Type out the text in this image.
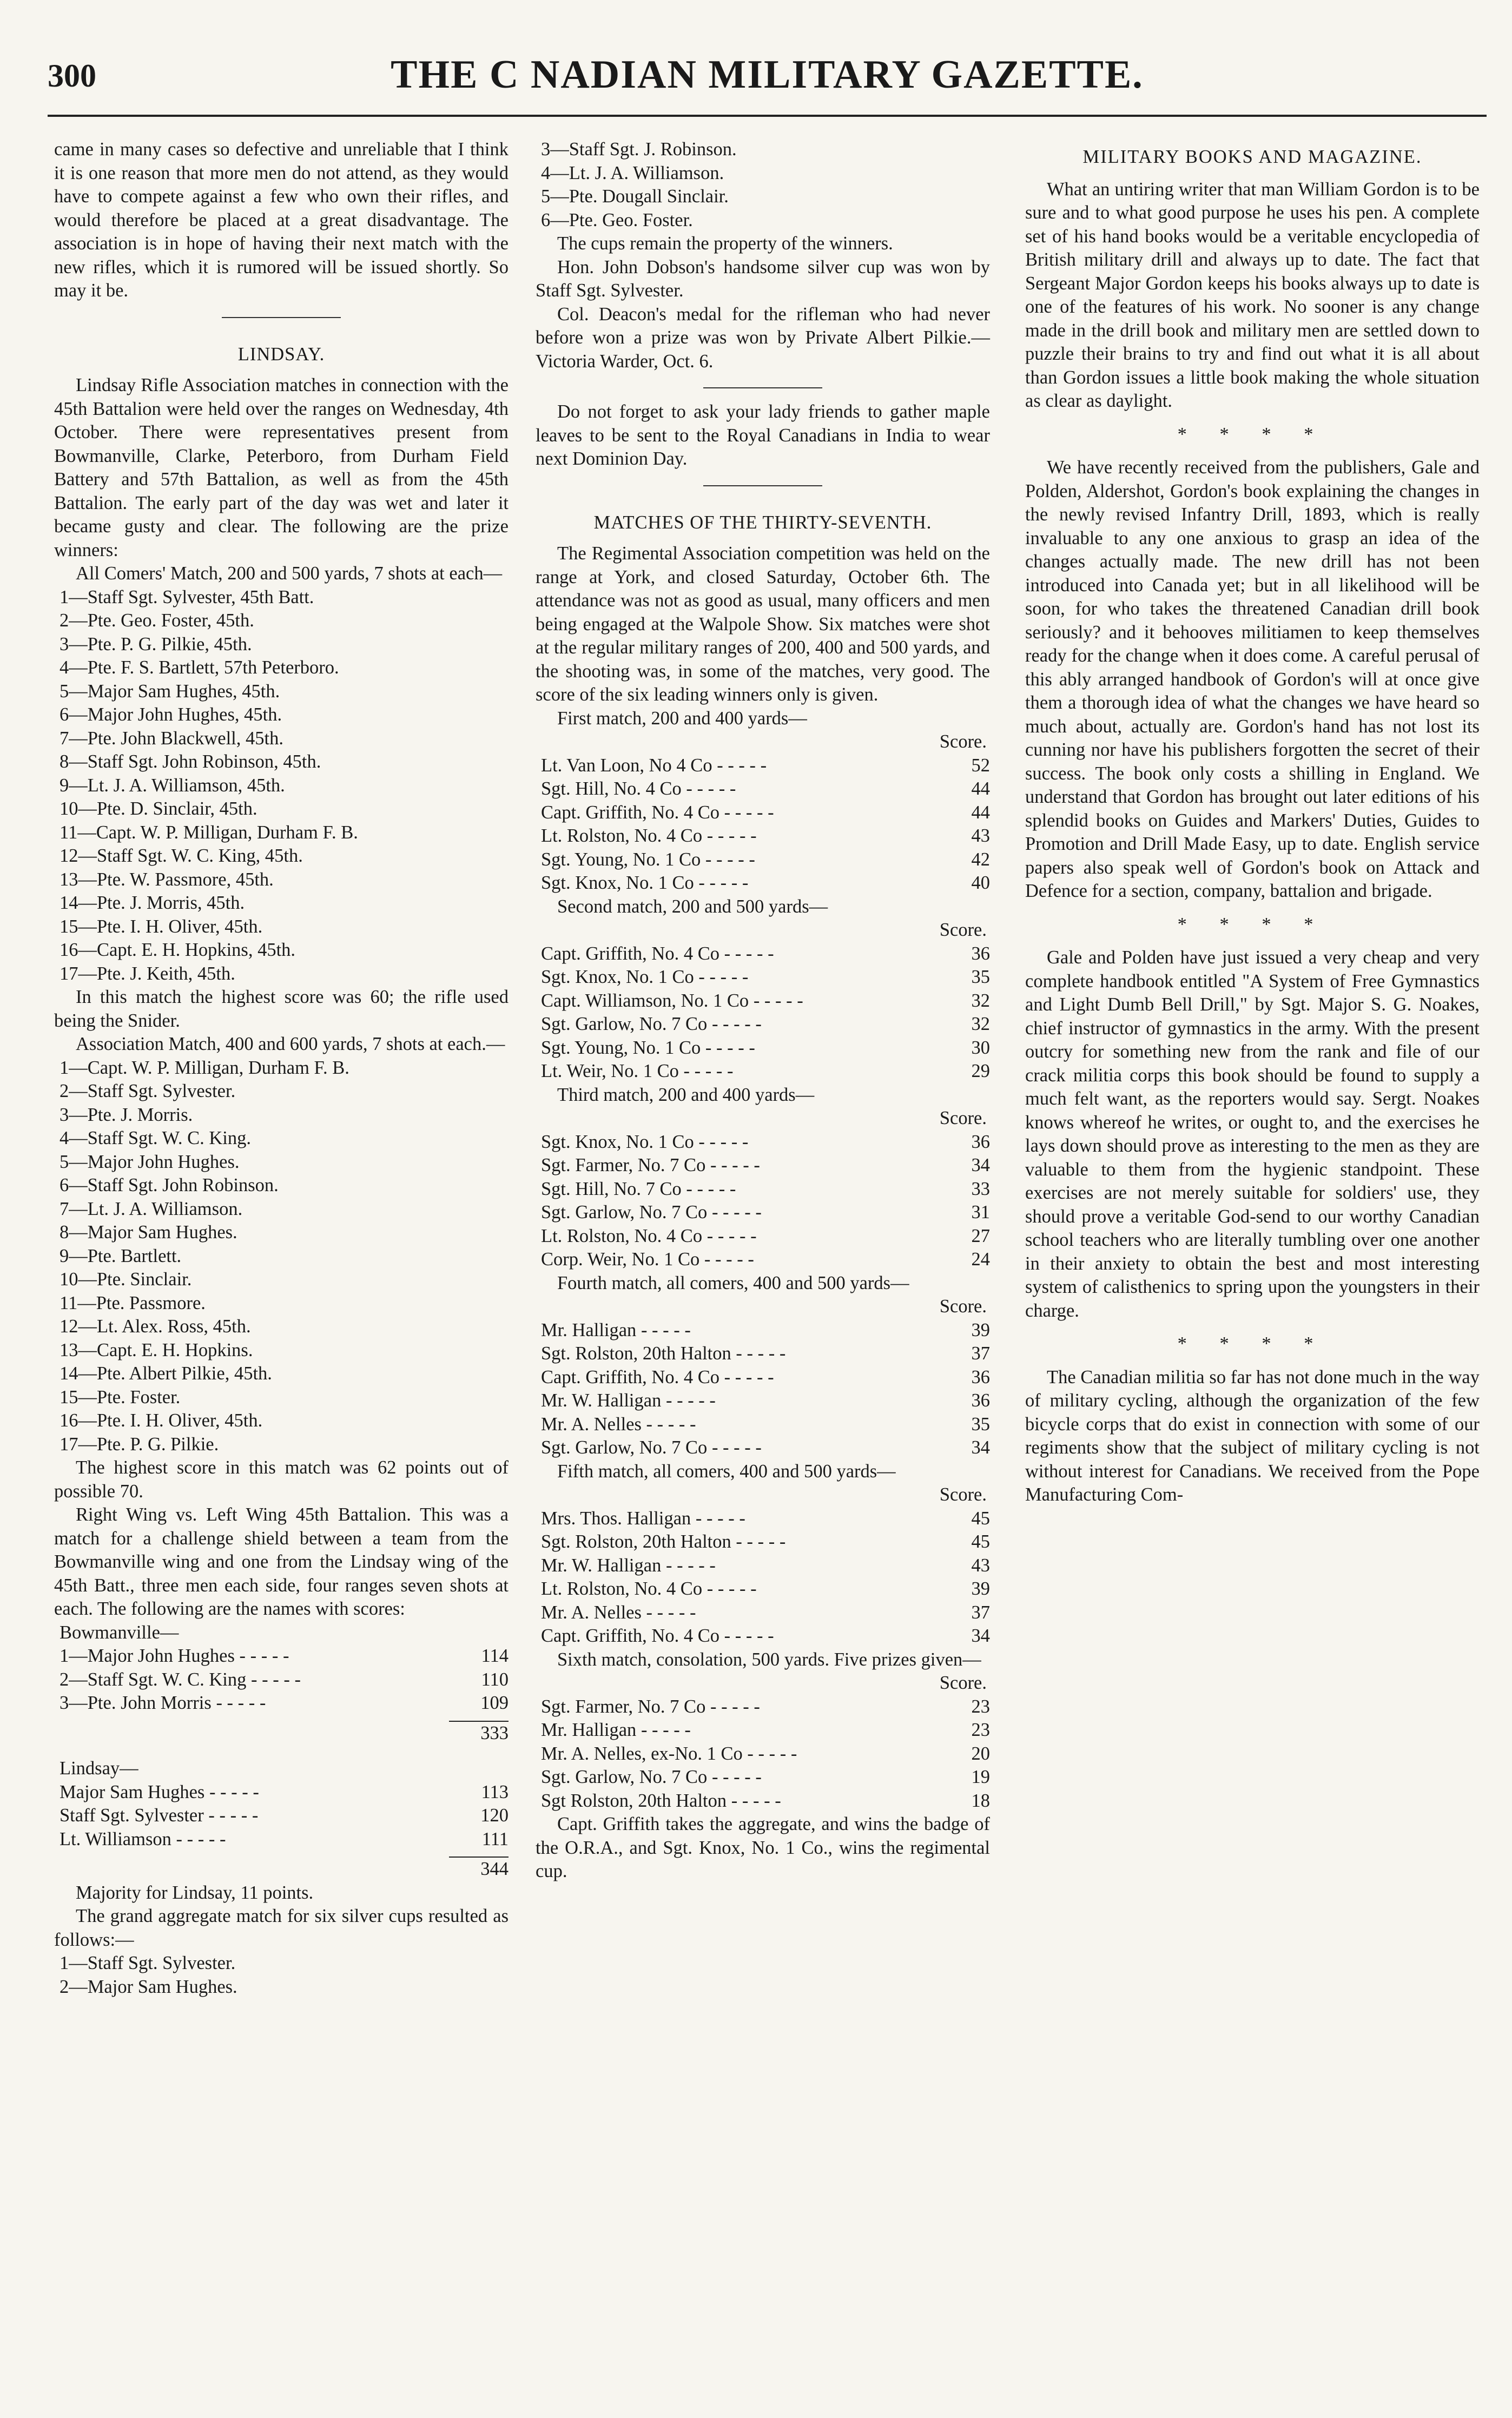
300	THE C NADIAN MILITARY GAZETTE.

came in many cases so defective and unreliable that I think it is one reason that more men do not attend, as they would have to compete against a few who own their rifles, and would therefore be placed at a great disadvantage. The association is in hope of having their next match with the new rifles, which it is rumored will be issued shortly. So may it be.

LINDSAY.

Lindsay Rifle Association matches in connection with the 45th Battalion were held over the ranges on Wednesday, 4th October. There were representatives present from Bowmanville, Clarke, Peterboro, from Durham Field Battery and 57th Battalion, as well as from the 45th Battalion. The early part of the day was wet and later it became gusty and clear. The following are the prize winners:

All Comers' Match, 200 and 500 yards, 7 shots at each—

1—Staff Sgt. Sylvester, 45th Batt.
2—Pte. Geo. Foster, 45th.
3—Pte. P. G. Pilkie, 45th.
4—Pte. F. S. Bartlett, 57th Peterboro.
5—Major Sam Hughes, 45th.
6—Major John Hughes, 45th.
7—Pte. John Blackwell, 45th.
8—Staff Sgt. John Robinson, 45th.
9—Lt. J. A. Williamson, 45th.
10—Pte. D. Sinclair, 45th.
11—Capt. W. P. Milligan, Durham F. B.
12—Staff Sgt. W. C. King, 45th.
13—Pte. W. Passmore, 45th.
14—Pte. J. Morris, 45th.
15—Pte. I. H. Oliver, 45th.
16—Capt. E. H. Hopkins, 45th.
17—Pte. J. Keith, 45th.

In this match the highest score was 60; the rifle used being the Snider.

Association Match, 400 and 600 yards, 7 shots at each.—

1—Capt. W. P. Milligan, Durham F. B.
2—Staff Sgt. Sylvester.
3—Pte. J. Morris.
4—Staff Sgt. W. C. King.
5—Major John Hughes.
6—Staff Sgt. John Robinson.
7—Lt. J. A. Williamson.
8—Major Sam Hughes.
9—Pte. Bartlett.
10—Pte. Sinclair.
11—Pte. Passmore.
12—Lt. Alex. Ross, 45th.
13—Capt. E. H. Hopkins.
14—Pte. Albert Pilkie, 45th.
15—Pte. Foster.
16—Pte. I. H. Oliver, 45th.
17—Pte. P. G. Pilkie.

The highest score in this match was 62 points out of possible 70.

Right Wing vs. Left Wing 45th Battalion. This was a match for a challenge shield between a team from the Bowmanville wing and one from the Lindsay wing of the 45th Batt., three men each side, four ranges seven shots at each. The following are the names with scores:

Bowmanville—
1—Major John Hughes - - -	114
2—Staff Sgt. W. C. King - - -	110
3—Pte. John Morris - - -	109
333
Lindsay—
Major Sam Hughes - - -	113
Staff Sgt. Sylvester - - -	120
Lt. Williamson - - -	111
344

Majority for Lindsay, 11 points.

The grand aggregate match for six silver cups resulted as follows:—

1—Staff Sgt. Sylvester.
2—Major Sam Hughes.
3—Staff Sgt. J. Robinson.
4—Lt. J. A. Williamson.
5—Pte. Dougall Sinclair.
6—Pte. Geo. Foster.

The cups remain the property of the winners.

Hon. John Dobson's handsome silver cup was won by Staff Sgt. Sylvester.

Col. Deacon's medal for the rifleman who had never before won a prize was won by Private Albert Pilkie.—Victoria Warder, Oct. 6.

Do not forget to ask your lady friends to gather maple leaves to be sent to the Royal Canadians in India to wear next Dominion Day.

MATCHES OF THE THIRTY-SEVENTH.

The Regimental Association competition was held on the range at York, and closed Saturday, October 6th. The attendance was not as good as usual, many officers and men being engaged at the Walpole Show. Six matches were shot at the regular military ranges of 200, 400 and 500 yards, and the shooting was, in some of the matches, very good. The score of the six leading winners only is given.

First match, 200 and 400 yards—

Score.
Lt. Van Loon, No 4 Co - - -	52
Sgt. Hill, No. 4 Co - - -	44
Capt. Griffith, No. 4 Co - - -	44
Lt. Rolston, No. 4 Co - - -	43
Sgt. Young, No. 1 Co - - -	42
Sgt. Knox, No. 1 Co - - -	40

Second match, 200 and 500 yards—

Score.
Capt. Griffith, No. 4 Co - - -	36
Sgt. Knox, No. 1 Co - - -	35
Capt. Williamson, No. 1 Co - - -	32
Sgt. Garlow, No. 7 Co - - -	32
Sgt. Young, No. 1 Co - - -	30
Lt. Weir, No. 1 Co - - -	29

Third match, 200 and 400 yards—

Score.
Sgt. Knox, No. 1 Co - - -	36
Sgt. Farmer, No. 7 Co - - -	34
Sgt. Hill, No. 7 Co - - -	33
Sgt. Garlow, No. 7 Co - - -	31
Lt. Rolston, No. 4 Co - - -	27
Corp. Weir, No. 1 Co - - -	24

Fourth match, all comers, 400 and 500 yards—

Score.
Mr. Halligan - - -	39
Sgt. Rolston, 20th Halton - - -	37
Capt. Griffith, No. 4 Co - - -	36
Mr. W. Halligan - - -	36
Mr. A. Nelles - - -	35
Sgt. Garlow, No. 7 Co - - -	34

Fifth match, all comers, 400 and 500 yards—

Score.
Mrs. Thos. Halligan - - -	45
Sgt. Rolston, 20th Halton - - -	45
Mr. W. Halligan - - -	43
Lt. Rolston, No. 4 Co - - -	39
Mr. A. Nelles - - -	37
Capt. Griffith, No. 4 Co - - -	34

Sixth match, consolation, 500 yards. Five prizes given—

Score.
Sgt. Farmer, No. 7 Co - - -	23
Mr. Halligan - - -	23
Mr. A. Nelles, ex-No. 1 Co - - -	20
Sgt. Garlow, No. 7 Co - - -	19
Sgt Rolston, 20th Halton - - -	18

Capt. Griffith takes the aggregate, and wins the badge of the O.R.A., and Sgt. Knox, No. 1 Co., wins the regimental cup.

MILITARY BOOKS AND MAGAZINE.

What an untiring writer that man William Gordon is to be sure and to what good purpose he uses his pen. A complete set of his hand books would be a veritable encyclopedia of British military drill and always up to date. The fact that Sergeant Major Gordon keeps his books always up to date is one of the features of his work. No sooner is any change made in the drill book and military men are settled down to puzzle their brains to try and find out what it is all about than Gordon issues a little book making the whole situation as clear as daylight.

* * * *

We have recently received from the publishers, Gale and Polden, Aldershot, Gordon's book explaining the changes in the newly revised Infantry Drill, 1893, which is really invaluable to any one anxious to grasp an idea of the changes actually made. The new drill has not been introduced into Canada yet; but in all likelihood will be soon, for who takes the threatened Canadian drill book seriously? and it behooves militiamen to keep themselves ready for the change when it does come. A careful perusal of this ably arranged handbook of Gordon's will at once give them a thorough idea of what the changes we have heard so much about, actually are. Gordon's hand has not lost its cunning nor have his publishers forgotten the secret of their success. The book only costs a shilling in England. We understand that Gordon has brought out later editions of his splendid books on Guides and Markers' Duties, Guides to Promotion and Drill Made Easy, up to date. English service papers also speak well of Gordon's book on Attack and Defence for a section, company, battalion and brigade.

* * * *

Gale and Polden have just issued a very cheap and very complete handbook entitled "A System of Free Gymnastics and Light Dumb Bell Drill," by Sgt. Major S. G. Noakes, chief instructor of gymnastics in the army. With the present outcry for something new from the rank and file of our crack militia corps this book should be found to supply a much felt want, as the reporters would say. Sergt. Noakes knows whereof he writes, or ought to, and the exercises he lays down should prove as interesting to the men as they are valuable to them from the hygienic standpoint. These exercises are not merely suitable for soldiers' use, they should prove a veritable God-send to our worthy Canadian school teachers who are literally tumbling over one another in their anxiety to obtain the best and most interesting system of calisthenics to spring upon the youngsters in their charge.

* * * *

The Canadian militia so far has not done much in the way of military cycling, although the organization of the few bicycle corps that do exist in connection with some of our regiments show that the subject of military cycling is not without interest for Canadians. We received from the Pope Manufacturing Com-
